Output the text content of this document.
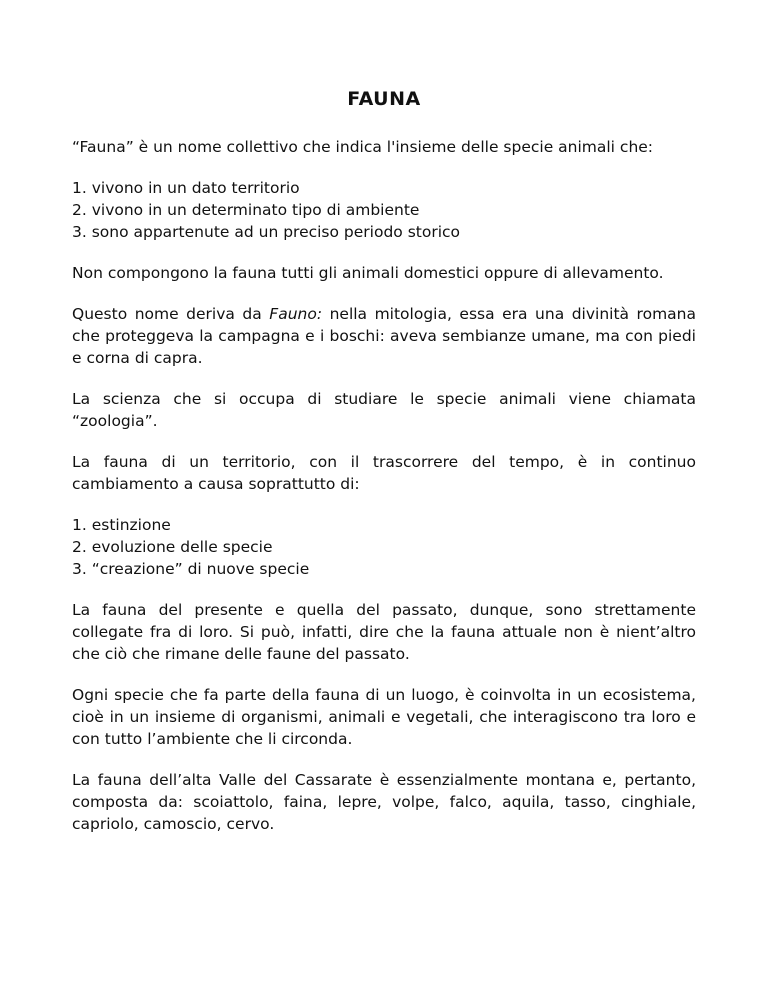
FAUNA

“Fauna” è un nome collettivo che indica l'insieme delle specie animali che:

1. vivono in un dato territorio
2. vivono in un determinato tipo di ambiente
3. sono appartenute ad un preciso periodo storico

Non compongono la fauna tutti gli animali domestici oppure di allevamento.

Questo nome deriva da Fauno: nella mitologia, essa era una divinità romana che proteggeva la campagna e i boschi: aveva sembianze umane, ma con piedi e corna di capra.

La scienza che si occupa di studiare le specie animali viene chiamata “zoologia”.

La fauna di un territorio, con il trascorrere del tempo, è in continuo cambiamento a causa soprattutto di:

1. estinzione
2. evoluzione delle specie
3. “creazione” di nuove specie

La fauna del presente e quella del passato, dunque, sono strettamente collegate fra di loro. Si può, infatti, dire che la fauna attuale non è nient’altro che ciò che rimane delle faune del passato.

Ogni specie che fa parte della fauna di un luogo, è coinvolta in un ecosistema, cioè in un insieme di organismi, animali e vegetali, che interagiscono tra loro e con tutto l’ambiente che li circonda.

La fauna dell’alta Valle del Cassarate è essenzialmente montana e, pertanto, composta da: scoiattolo, faina, lepre, volpe, falco, aquila, tasso, cinghiale, capriolo, camoscio, cervo.
